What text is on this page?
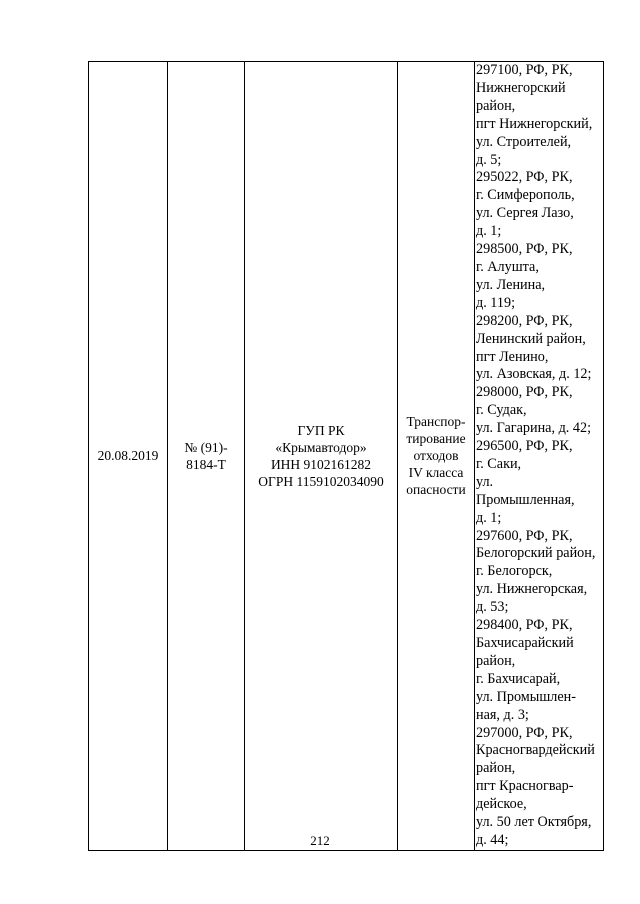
20.08.2019	
№ (91)-
8184-Т

ГУП РК
«Крымавтодор»
ИНН 9102161282
ОГРН 1159102034090

Транспор-
тирование
отходов
IV класса
опасности

297100, РФ, РК,
Нижнегорский
район,
пгт Нижнегорский,
ул. Строителей,
д. 5;
295022, РФ, РК,
г. Симферополь,
ул. Сергея Лазо,
д. 1;
298500, РФ, РК,
г. Алушта,
ул. Ленина,
д. 119;
298200, РФ, РК,
Ленинский район,
пгт Ленино,
ул. Азовская, д. 12;
298000, РФ, РК,
г. Судак,
ул. Гагарина, д. 42;
296500, РФ, РК,
г. Саки,
ул.
Промышленная,
д. 1;
297600, РФ, РК,
Белогорский район,
г. Белогорск,
ул. Нижнегорская,
д. 53;
298400, РФ, РК,
Бахчисарайский
район,
г. Бахчисарай,
ул. Промышлен-
ная, д. 3;
297000, РФ, РК,
Красногвардейский
район,
пгт Красногвар-
дейское,
ул. 50 лет Октября,
д. 44;
212
